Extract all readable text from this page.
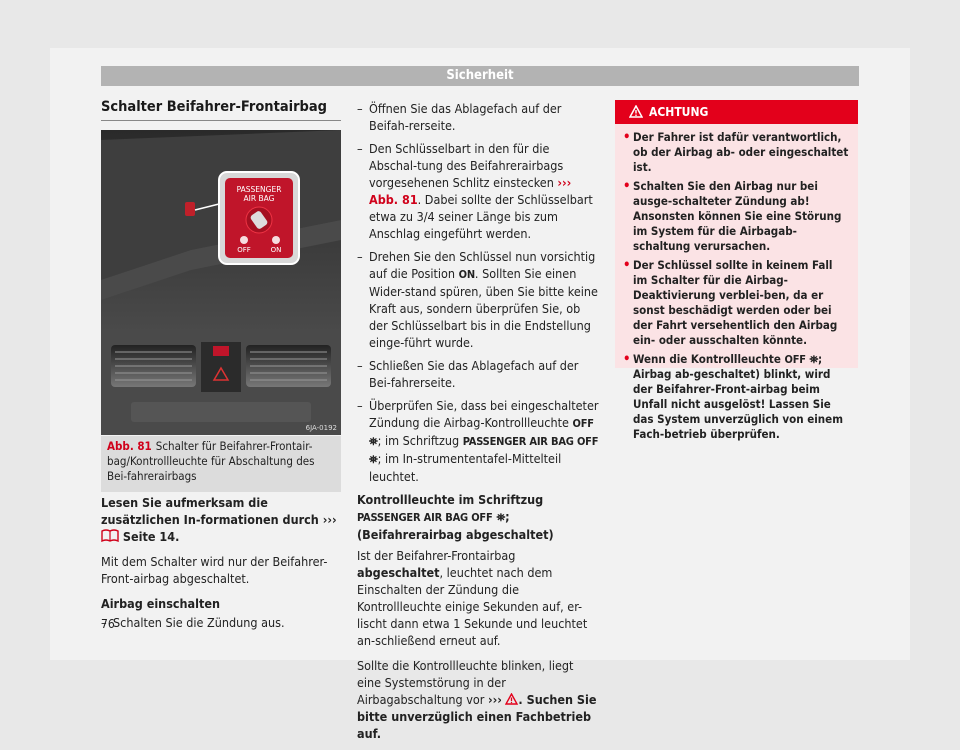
Sicherheit
Schalter Beifahrer-Frontairbag
PASSENGER
AIR BAG
OFF	ON
6JA-0192
Abb. 81 Schalter für Beifahrer-Frontair-bag/Kontrollleuchte für Abschaltung des Bei-fahrerairbags

Lesen Sie aufmerksam die zusätzlichen In-formationen durch ›››  Seite 14.

Mit dem Schalter wird nur der Beifahrer-Front-airbag abgeschaltet.

Airbag einschalten

– Schalten Sie die Zündung aus.
– Öffnen Sie das Ablagefach auf der Beifah-rerseite.
– Den Schlüsselbart in den für die Abschal-tung des Beifahrerairbags vorgesehenen Schlitz einstecken ››› Abb. 81. Dabei sollte der Schlüsselbart etwa zu 3/4 seiner Länge bis zum Anschlag eingeführt werden.
– Drehen Sie den Schlüssel nun vorsichtig auf die Position ON. Sollten Sie einen Wider-stand spüren, üben Sie bitte keine Kraft aus, sondern überprüfen Sie, ob der Schlüsselbart bis in die Endstellung einge-führt wurde.
– Schließen Sie das Ablagefach auf der Bei-fahrerseite.
– Überprüfen Sie, dass bei eingeschalteter Zündung die Airbag-Kontrollleuchte OFF ⛯; im Schriftzug PASSENGER AIR BAG OFF ⛯; im In-strumententafel-Mittelteil leuchtet.

Kontrollleuchte im Schriftzug PASSENGER AIR BAG OFF ⛯; (Beifahrerairbag abgeschaltet)

Ist der Beifahrer-Frontairbag abgeschaltet, leuchtet nach dem Einschalten der Zündung die Kontrollleuchte einige Sekunden auf, er-lischt dann etwa 1 Sekunde und leuchtet an-schließend erneut auf.

Sollte die Kontrollleuchte blinken, liegt eine Systemstörung in der Airbagabschaltung vor ››› . Suchen Sie bitte unverzüglich einen Fachbetrieb auf.

ACHTUNG
• Der Fahrer ist dafür verantwortlich, ob der Airbag ab- oder eingeschaltet ist.
• Schalten Sie den Airbag nur bei ausge-schalteter Zündung ab! Ansonsten können Sie eine Störung im System für die Airbagab-schaltung verursachen.
• Der Schlüssel sollte in keinem Fall im Schalter für die Airbag-Deaktivierung verblei-ben, da er sonst beschädigt werden oder bei der Fahrt versehentlich den Airbag ein- oder ausschalten könnte.
• Wenn die Kontrollleuchte OFF ⛯; Airbag ab-geschaltet) blinkt, wird der Beifahrer-Front-airbag beim Unfall nicht ausgelöst! Lassen Sie das System unverzüglich von einem Fach-betrieb überprüfen.
76
